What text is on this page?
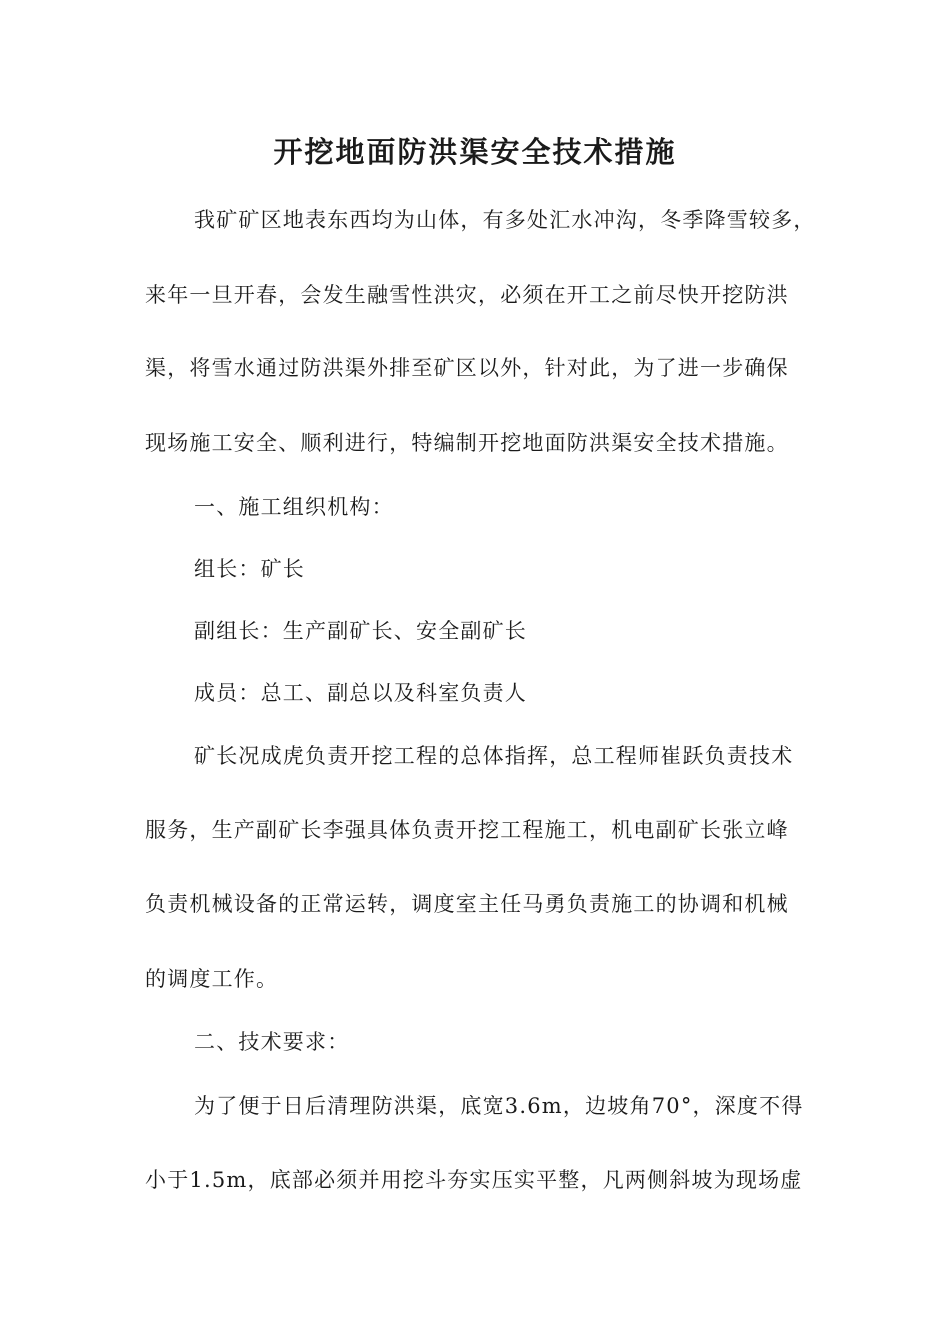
开挖地面防洪渠安全技术措施
我矿矿区地表东西均为山体，有多处汇水冲沟，冬季降雪较多，
来年一旦开春，会发生融雪性洪灾，必须在开工之前尽快开挖防洪
渠，将雪水通过防洪渠外排至矿区以外，针对此，为了进一步确保
现场施工安全、顺利进行，特编制开挖地面防洪渠安全技术措施。
一、施工组织机构：
组长：矿长
副组长：生产副矿长、安全副矿长
成员：总工、副总以及科室负责人
矿长况成虎负责开挖工程的总体指挥，总工程师崔跃负责技术
服务，生产副矿长李强具体负责开挖工程施工，机电副矿长张立峰
负责机械设备的正常运转，调度室主任马勇负责施工的协调和机械
的调度工作。
二、技术要求：
为了便于日后清理防洪渠，底宽3.6m，边坡角70°，深度不得
小于1.5m，底部必须并用挖斗夯实压实平整，凡两侧斜坡为现场虚
